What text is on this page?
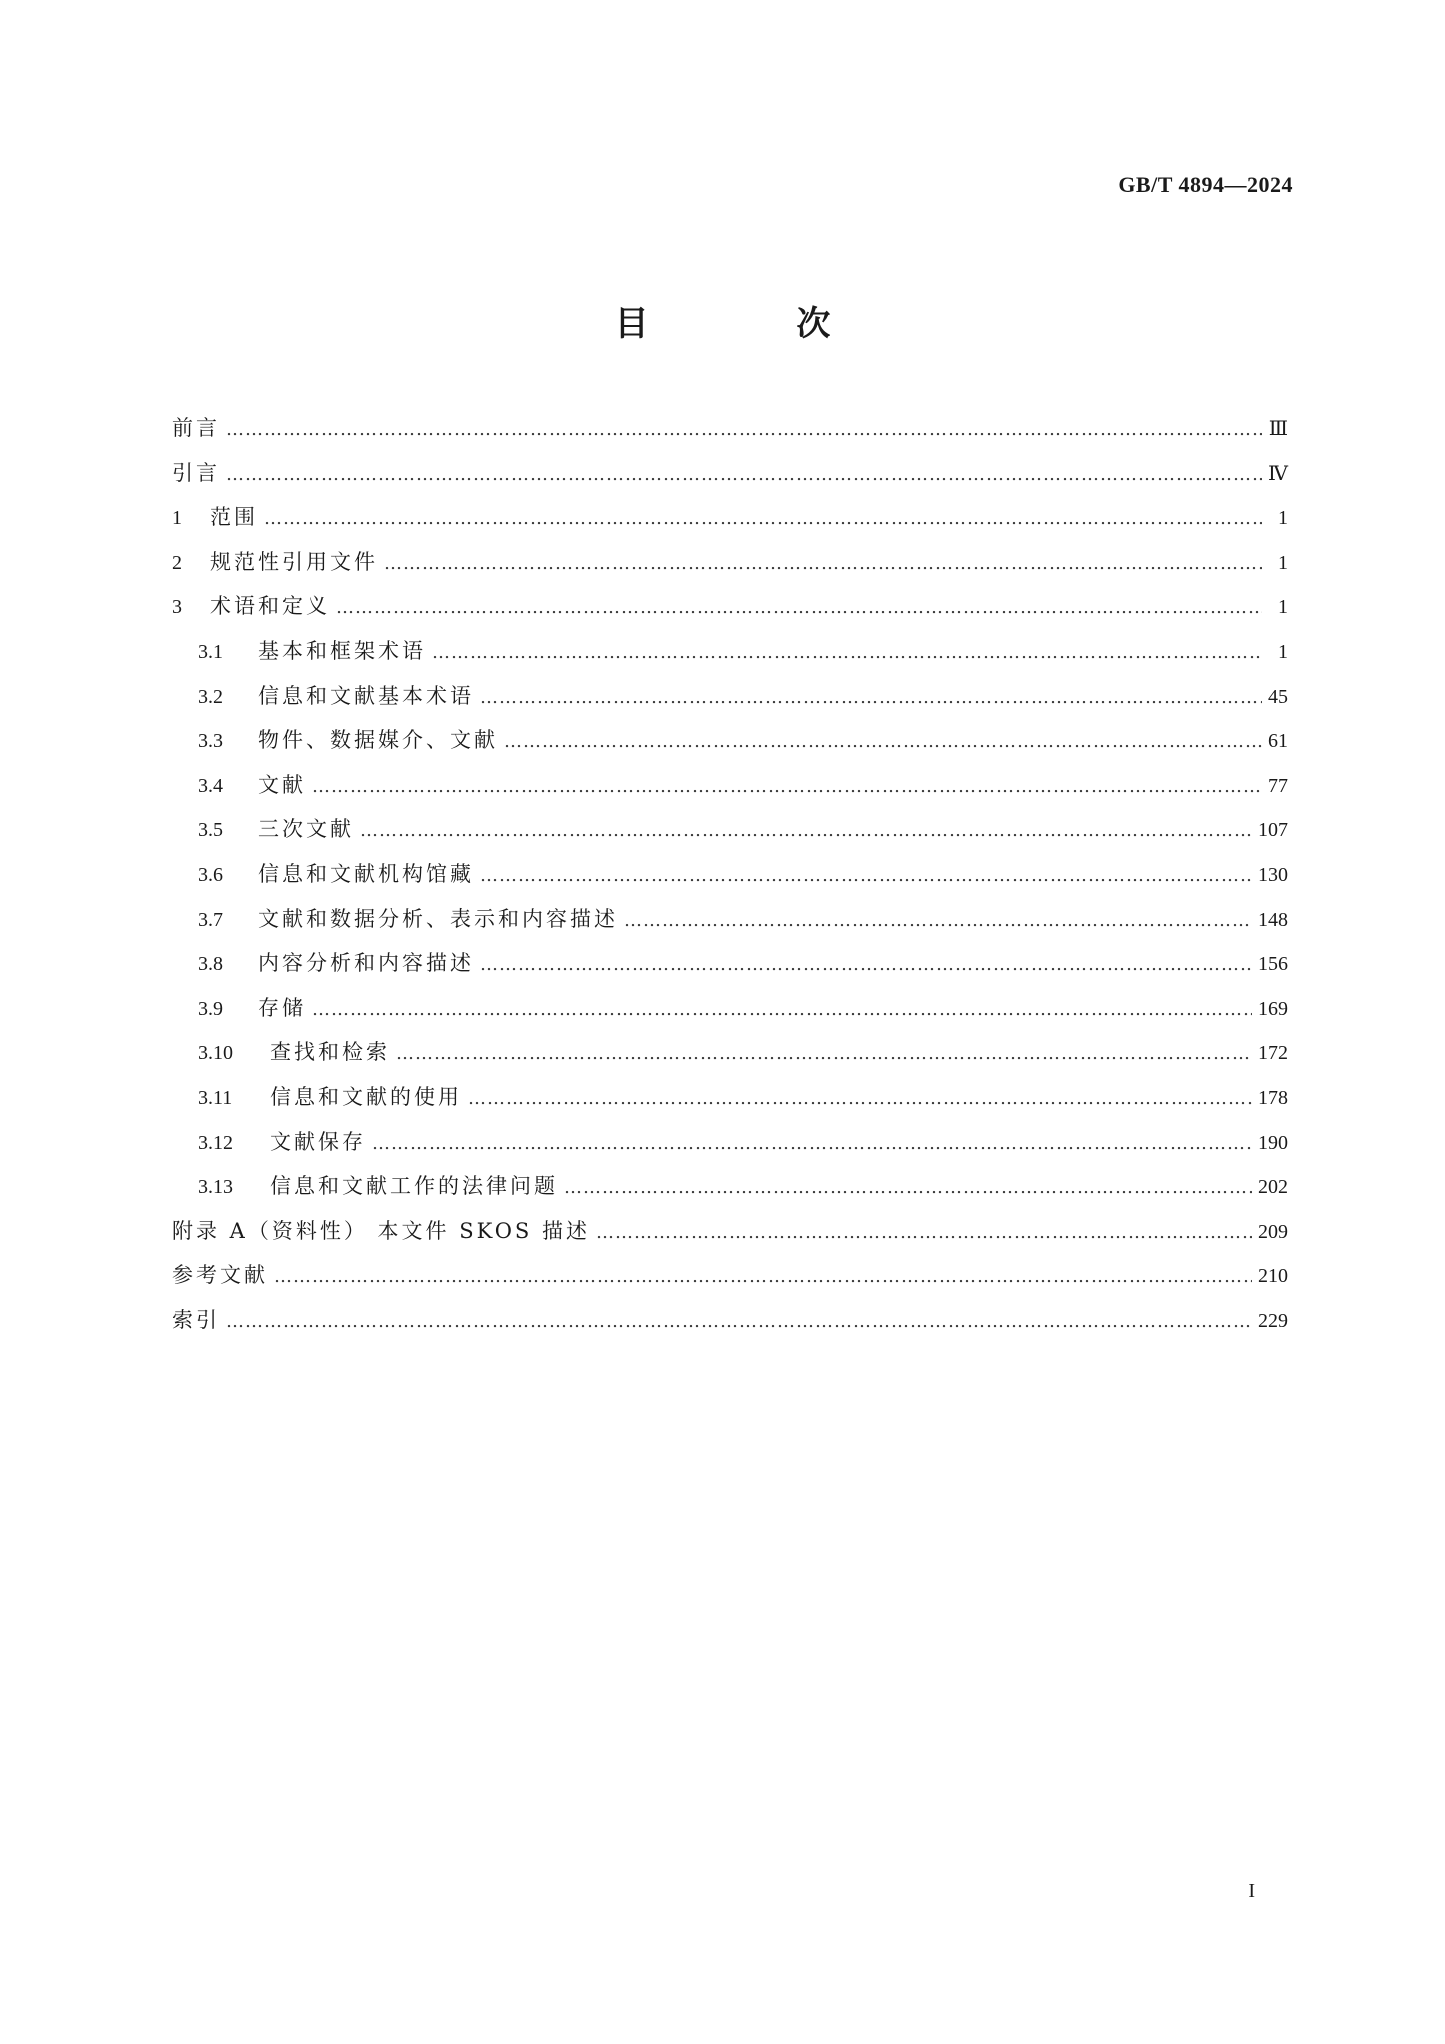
GB/T 4894—2024
目 次
前言 …………………………………………………………………………………………………………………………………………………………………………………………………………	Ⅲ
引言 …………………………………………………………………………………………………………………………………………………………………………………………………………	Ⅳ
1	范围 …………………………………………………………………………………………………………………………………………………………………………………………………………	1
2	规范性引用文件 …………………………………………………………………………………………………………………………………………………………………………………………………………	1
3	术语和定义 …………………………………………………………………………………………………………………………………………………………………………………………………………	1
3.1	基本和框架术语 …………………………………………………………………………………………………………………………………………………………………………………………………………	1
3.2	信息和文献基本术语 …………………………………………………………………………………………………………………………………………………………………………………………………………	45
3.3	物件、数据媒介、文献 …………………………………………………………………………………………………………………………………………………………………………………………………………	61
3.4	文献 …………………………………………………………………………………………………………………………………………………………………………………………………………	77
3.5	三次文献 …………………………………………………………………………………………………………………………………………………………………………………………………………	107
3.6	信息和文献机构馆藏 …………………………………………………………………………………………………………………………………………………………………………………………………………	130
3.7	文献和数据分析、表示和内容描述 …………………………………………………………………………………………………………………………………………………………………………………………………………	148
3.8	内容分析和内容描述 …………………………………………………………………………………………………………………………………………………………………………………………………………	156
3.9	存储 …………………………………………………………………………………………………………………………………………………………………………………………………………	169
3.10	查找和检索 …………………………………………………………………………………………………………………………………………………………………………………………………………	172
3.11	信息和文献的使用 …………………………………………………………………………………………………………………………………………………………………………………………………………	178
3.12	文献保存 …………………………………………………………………………………………………………………………………………………………………………………………………………	190
3.13	信息和文献工作的法律问题 …………………………………………………………………………………………………………………………………………………………………………………………………………	202
附录 A（资料性） 本文件 SKOS 描述 …………………………………………………………………………………………………………………………………………………………………………………………………………	209
参考文献 …………………………………………………………………………………………………………………………………………………………………………………………………………	210
索引 …………………………………………………………………………………………………………………………………………………………………………………………………………	229
I
